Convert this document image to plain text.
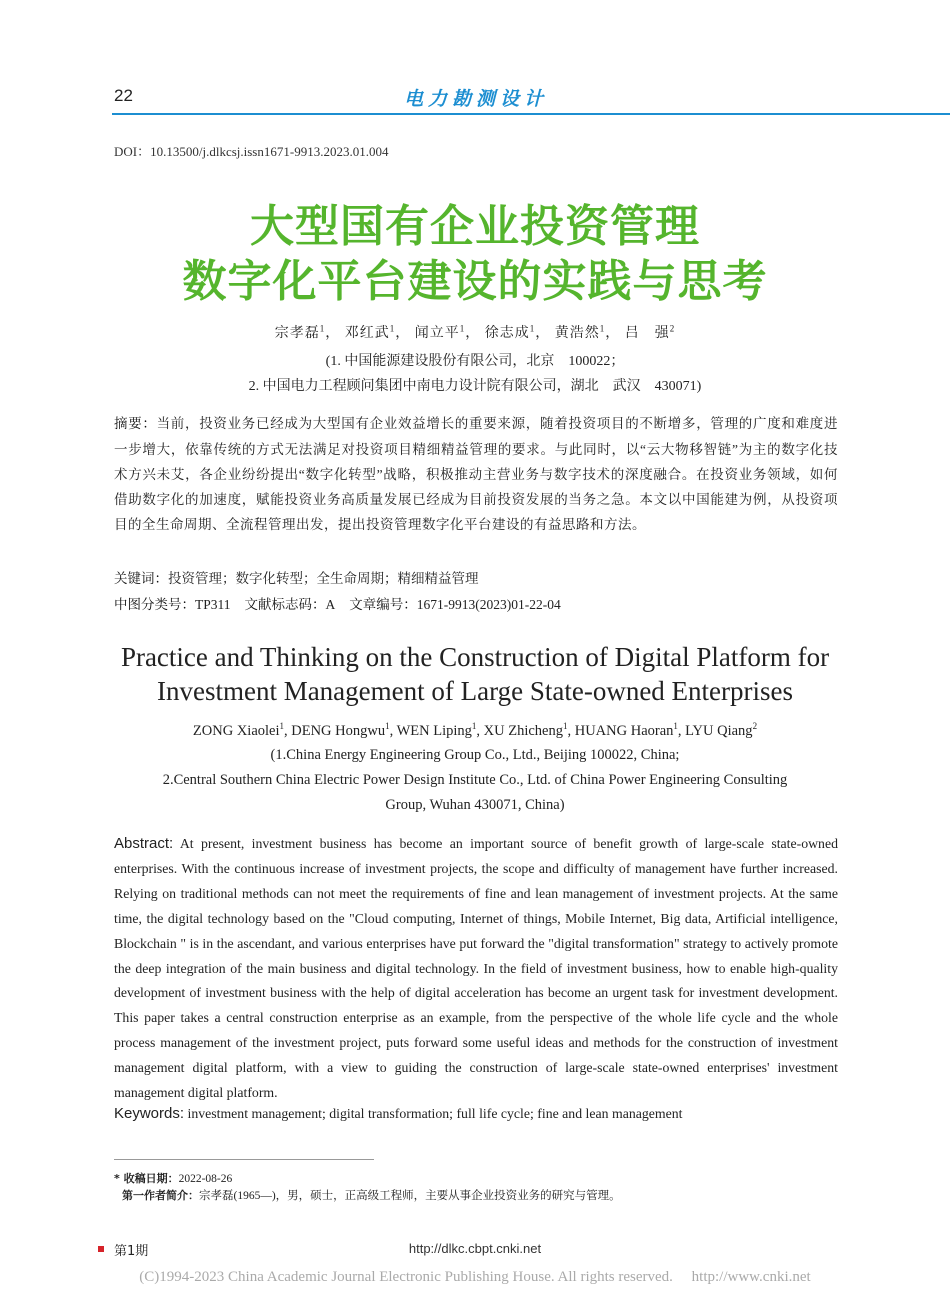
22	电力勘测设计
DOI：10.13500/j.dlkcsj.issn1671-9913.2023.01.004
大型国有企业投资管理
数字化平台建设的实践与思考
宗孝磊$^1$， 邓红武$^1$， 闻立平$^1$， 徐志成$^1$， 黄浩然$^1$， 吕　强$^2$
(1. 中国能源建设股份有限公司，北京　100022；
2. 中国电力工程顾问集团中南电力设计院有限公司，湖北　武汉　430071)
摘要：当前，投资业务已经成为大型国有企业效益增长的重要来源，随着投资项目的不断增多，管理的广度和难度进一步增大，依靠传统的方式无法满足对投资项目精细精益管理的要求。与此同时，以“云大物移智链”为主的数字化技术方兴未艾，各企业纷纷提出“数字化转型”战略，积极推动主营业务与数字技术的深度融合。在投资业务领域，如何借助数字化的加速度，赋能投资业务高质量发展已经成为目前投资发展的当务之急。本文以中国能建为例，从投资项目的全生命周期、全流程管理出发，提出投资管理数字化平台建设的有益思路和方法。
关键词：投资管理；数字化转型；全生命周期；精细精益管理
中图分类号：TP311 文献标志码：A 文章编号：1671-9913(2023)01-22-04
Practice and Thinking on the Construction of Digital Platform for
Investment Management of Large State-owned Enterprises
ZONG Xiaolei$^1$, DENG Hongwu$^1$, WEN Liping$^1$, XU Zhicheng$^1$, HUANG Haoran$^1$, LYU Qiang$^2$
(1.China Energy Engineering Group Co., Ltd., Beijing 100022, China;
2.Central Southern China Electric Power Design Institute Co., Ltd. of China Power Engineering Consulting
Group, Wuhan 430071, China)
Abstract: At present, investment business has become an important source of benefit growth of large-scale state-owned enterprises. With the continuous increase of investment projects, the scope and difficulty of management have further increased. Relying on traditional methods can not meet the requirements of fine and lean management of investment projects. At the same time, the digital technology based on the "Cloud computing, Internet of things, Mobile Internet, Big data, Artificial intelligence, Blockchain " is in the ascendant, and various enterprises have put forward the "digital transformation" strategy to actively promote the deep integration of the main business and digital technology. In the field of investment business, how to enable high-quality development of investment business with the help of digital acceleration has become an urgent task for investment development. This paper takes a central construction enterprise as an example, from the perspective of the whole life cycle and the whole process management of the investment project, puts forward some useful ideas and methods for the construction of investment management digital platform, with a view to guiding the construction of large-scale state-owned enterprises' investment management digital platform.
Keywords: investment management; digital transformation; full life cycle; fine and lean management
* 收稿日期：2022-08-26
第一作者简介：宗孝磊(1965—)，男，硕士，正高级工程师，主要从事企业投资业务的研究与管理。
第1期	http://dlkc.cbpt.cnki.net
(C)1994-2023 China Academic Journal Electronic Publishing House. All rights reserved.　 http://www.cnki.net
